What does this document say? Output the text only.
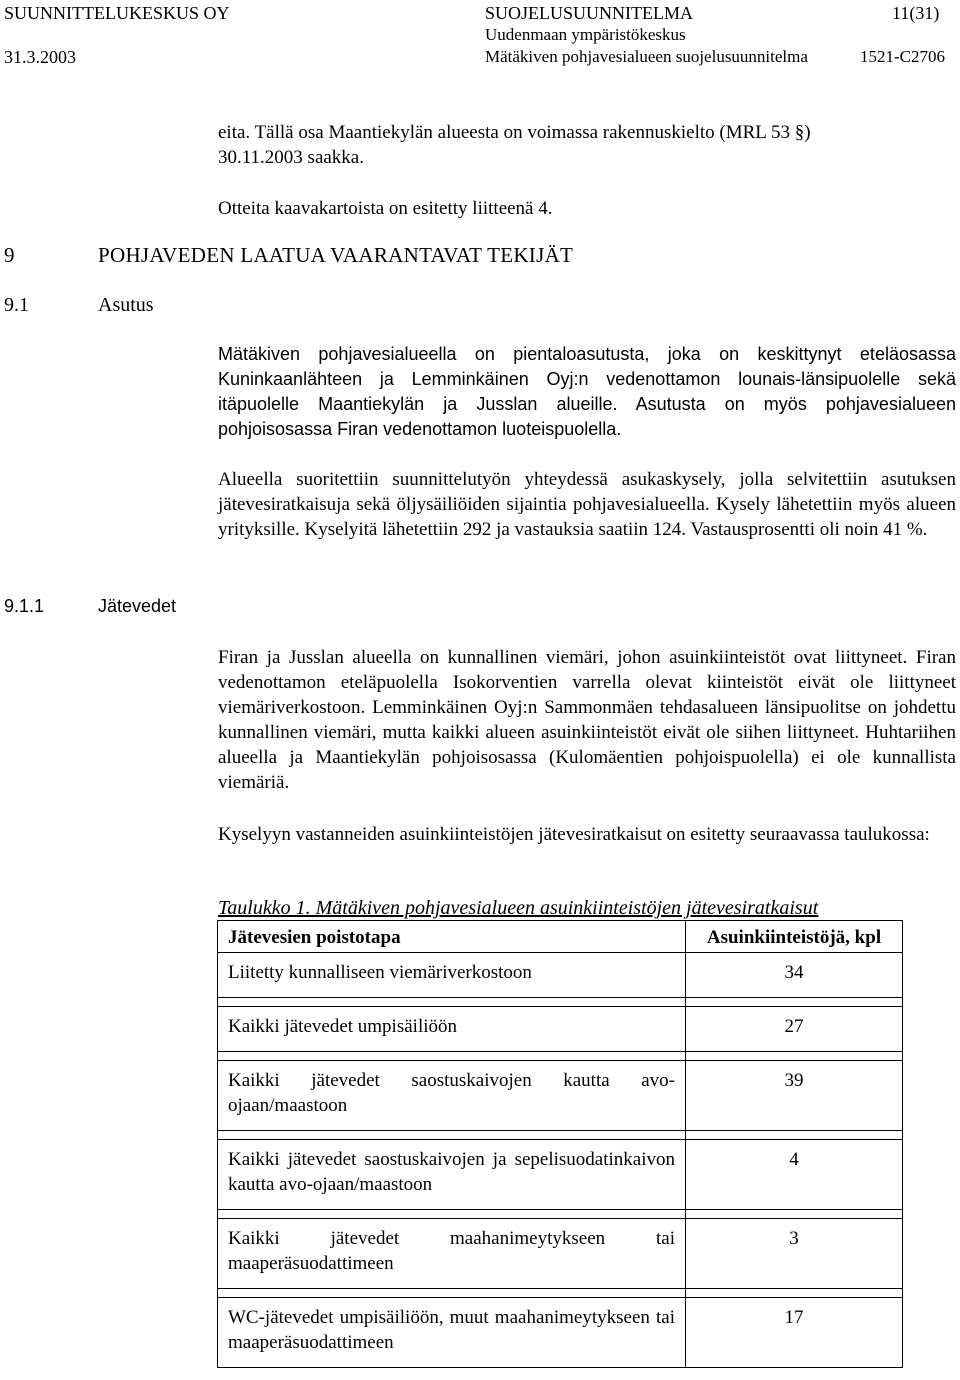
SUUNNITTELUKESKUS OY
31.3.2003
SUOJELUSUUNNITELMA
Uudenmaan ympäristökeskus
Mätäkiven pohjavesialueen suojelusuunnitelma	1521-C2706
11(31)
eita. Tällä osa Maantiekylän alueesta on voimassa rakennuskielto (MRL 53 §)
30.11.2003 saakka.
Otteita kaavakartoista on esitetty liitteenä 4.
9	POHJAVEDEN LAATUA VAARANTAVAT TEKIJÄT
9.1	Asutus
Mätäkiven pohjavesialueella on pientaloasutusta, joka on keskittynyt eteläosassa Kuninkaanlähteen ja Lemminkäinen Oyj:n vedenottamon lounais-länsipuolelle sekä itäpuolelle Maantiekylän ja Jusslan alueille. Asutusta on myös pohjavesialueen pohjoisosassa Firan vedenottamon luoteispuolella.
Alueella suoritettiin suunnittelutyön yhteydessä asukaskysely, jolla selvitettiin asutuksen jätevesiratkaisuja sekä öljysäiliöiden sijaintia pohjavesialueella. Kysely lähetettiin myös alueen yrityksille. Kyselyitä lähetettiin 292 ja vastauksia saatiin 124. Vastausprosentti oli noin 41 %.
9.1.1	Jätevedet
Firan ja Jusslan alueella on kunnallinen viemäri, johon asuinkiinteistöt ovat liittyneet. Firan vedenottamon eteläpuolella Isokorventien varrella olevat kiinteistöt eivät ole liittyneet viemäriverkostoon. Lemminkäinen Oyj:n Sammonmäen tehdasalueen länsipuolitse on johdettu kunnallinen viemäri, mutta kaikki alueen asuinkiinteistöt eivät ole siihen liittyneet. Huhtariihen alueella ja Maantiekylän pohjoisosassa (Kulomäentien pohjoispuolella) ei ole kunnallista viemäriä.
Kyselyyn vastanneiden asuinkiinteistöjen jätevesiratkaisut on esitetty seuraavassa taulukossa:
Taulukko 1. Mätäkiven pohjavesialueen asuinkiinteistöjen jätevesiratkaisut
Jätevesien poistotapa	Asuinkiinteistöjä, kpl
Liitetty kunnalliseen viemäriverkostoon	34

Kaikki jätevedet umpisäiliöön	27

Kaikki jätevedet saostuskaivojen kautta avo-ojaan/maastoon	39

Kaikki jätevedet saostuskaivojen ja sepelisuodatinkaivon kautta avo-ojaan/maastoon	4

Kaikki jätevedet maahanimeytykseen tai maaperäsuodattimeen	3

WC-jätevedet umpisäiliöön, muut maahanimeytykseen tai maaperäsuodattimeen	17
